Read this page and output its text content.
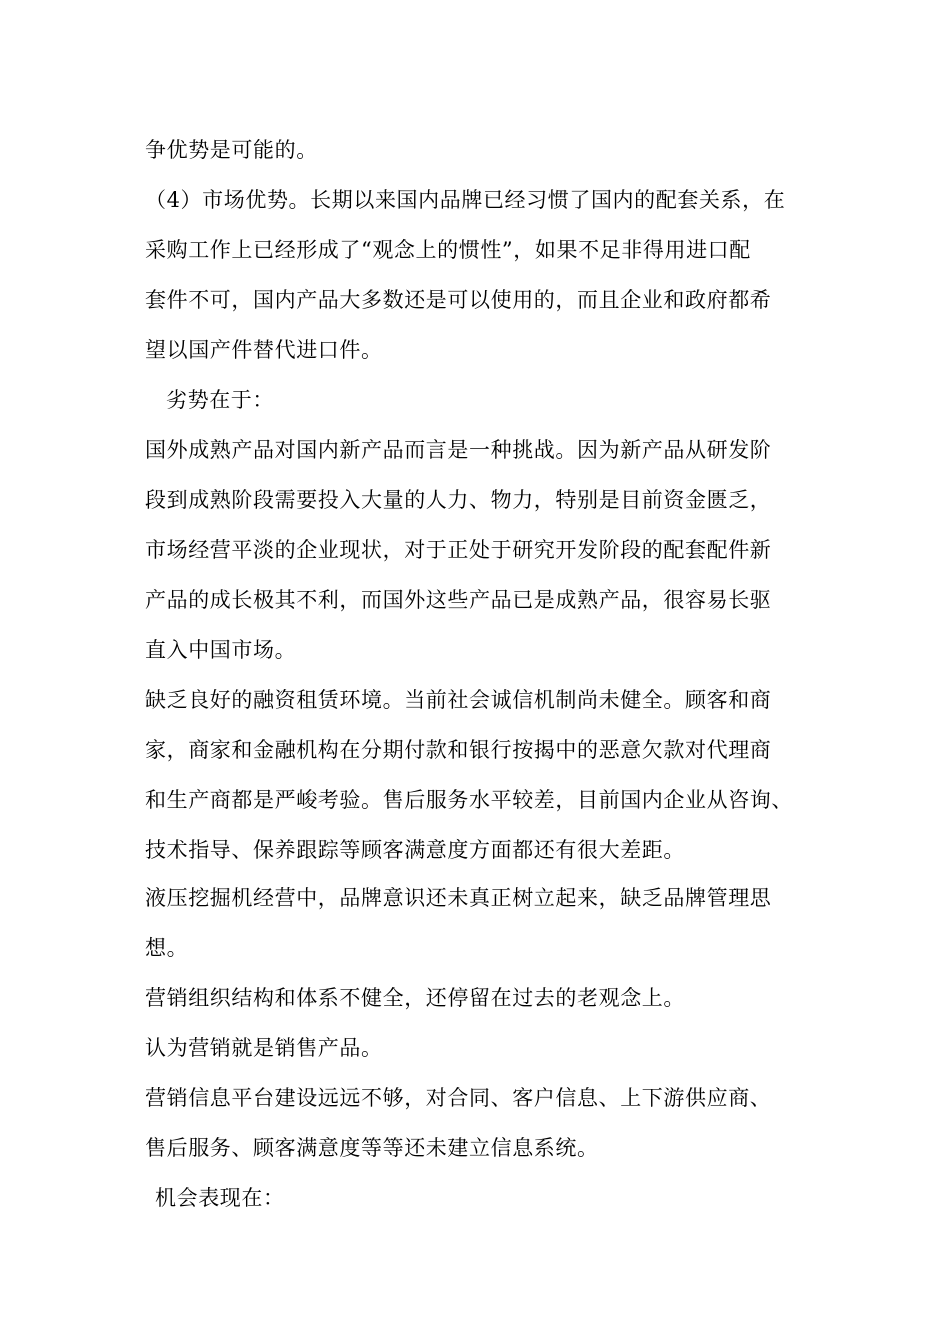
争优势是可能的。
（4）市场优势。长期以来国内品牌已经习惯了国内的配套关系，在
采购工作上已经形成了“观念上的惯性”，如果不足非得用进口配
套件不可，国内产品大多数还是可以使用的，而且企业和政府都希
望以国产件替代进口件。
劣势在于：
国外成熟产品对国内新产品而言是一种挑战。因为新产品从研发阶
段到成熟阶段需要投入大量的人力、物力，特别是目前资金匮乏，
市场经营平淡的企业现状，对于正处于研究开发阶段的配套配件新
产品的成长极其不利，而国外这些产品已是成熟产品，很容易长驱
直入中国市场。
缺乏良好的融资租赁环境。当前社会诚信机制尚未健全。顾客和商
家，商家和金融机构在分期付款和银行按揭中的恶意欠款对代理商
和生产商都是严峻考验。售后服务水平较差，目前国内企业从咨询、
技术指导、保养跟踪等顾客满意度方面都还有很大差距。
液压挖掘机经营中，品牌意识还未真正树立起来，缺乏品牌管理思
想。
营销组织结构和体系不健全，还停留在过去的老观念上。
认为营销就是销售产品。
营销信息平台建设远远不够，对合同、客户信息、上下游供应商、
售后服务、顾客满意度等等还未建立信息系统。
机会表现在：
